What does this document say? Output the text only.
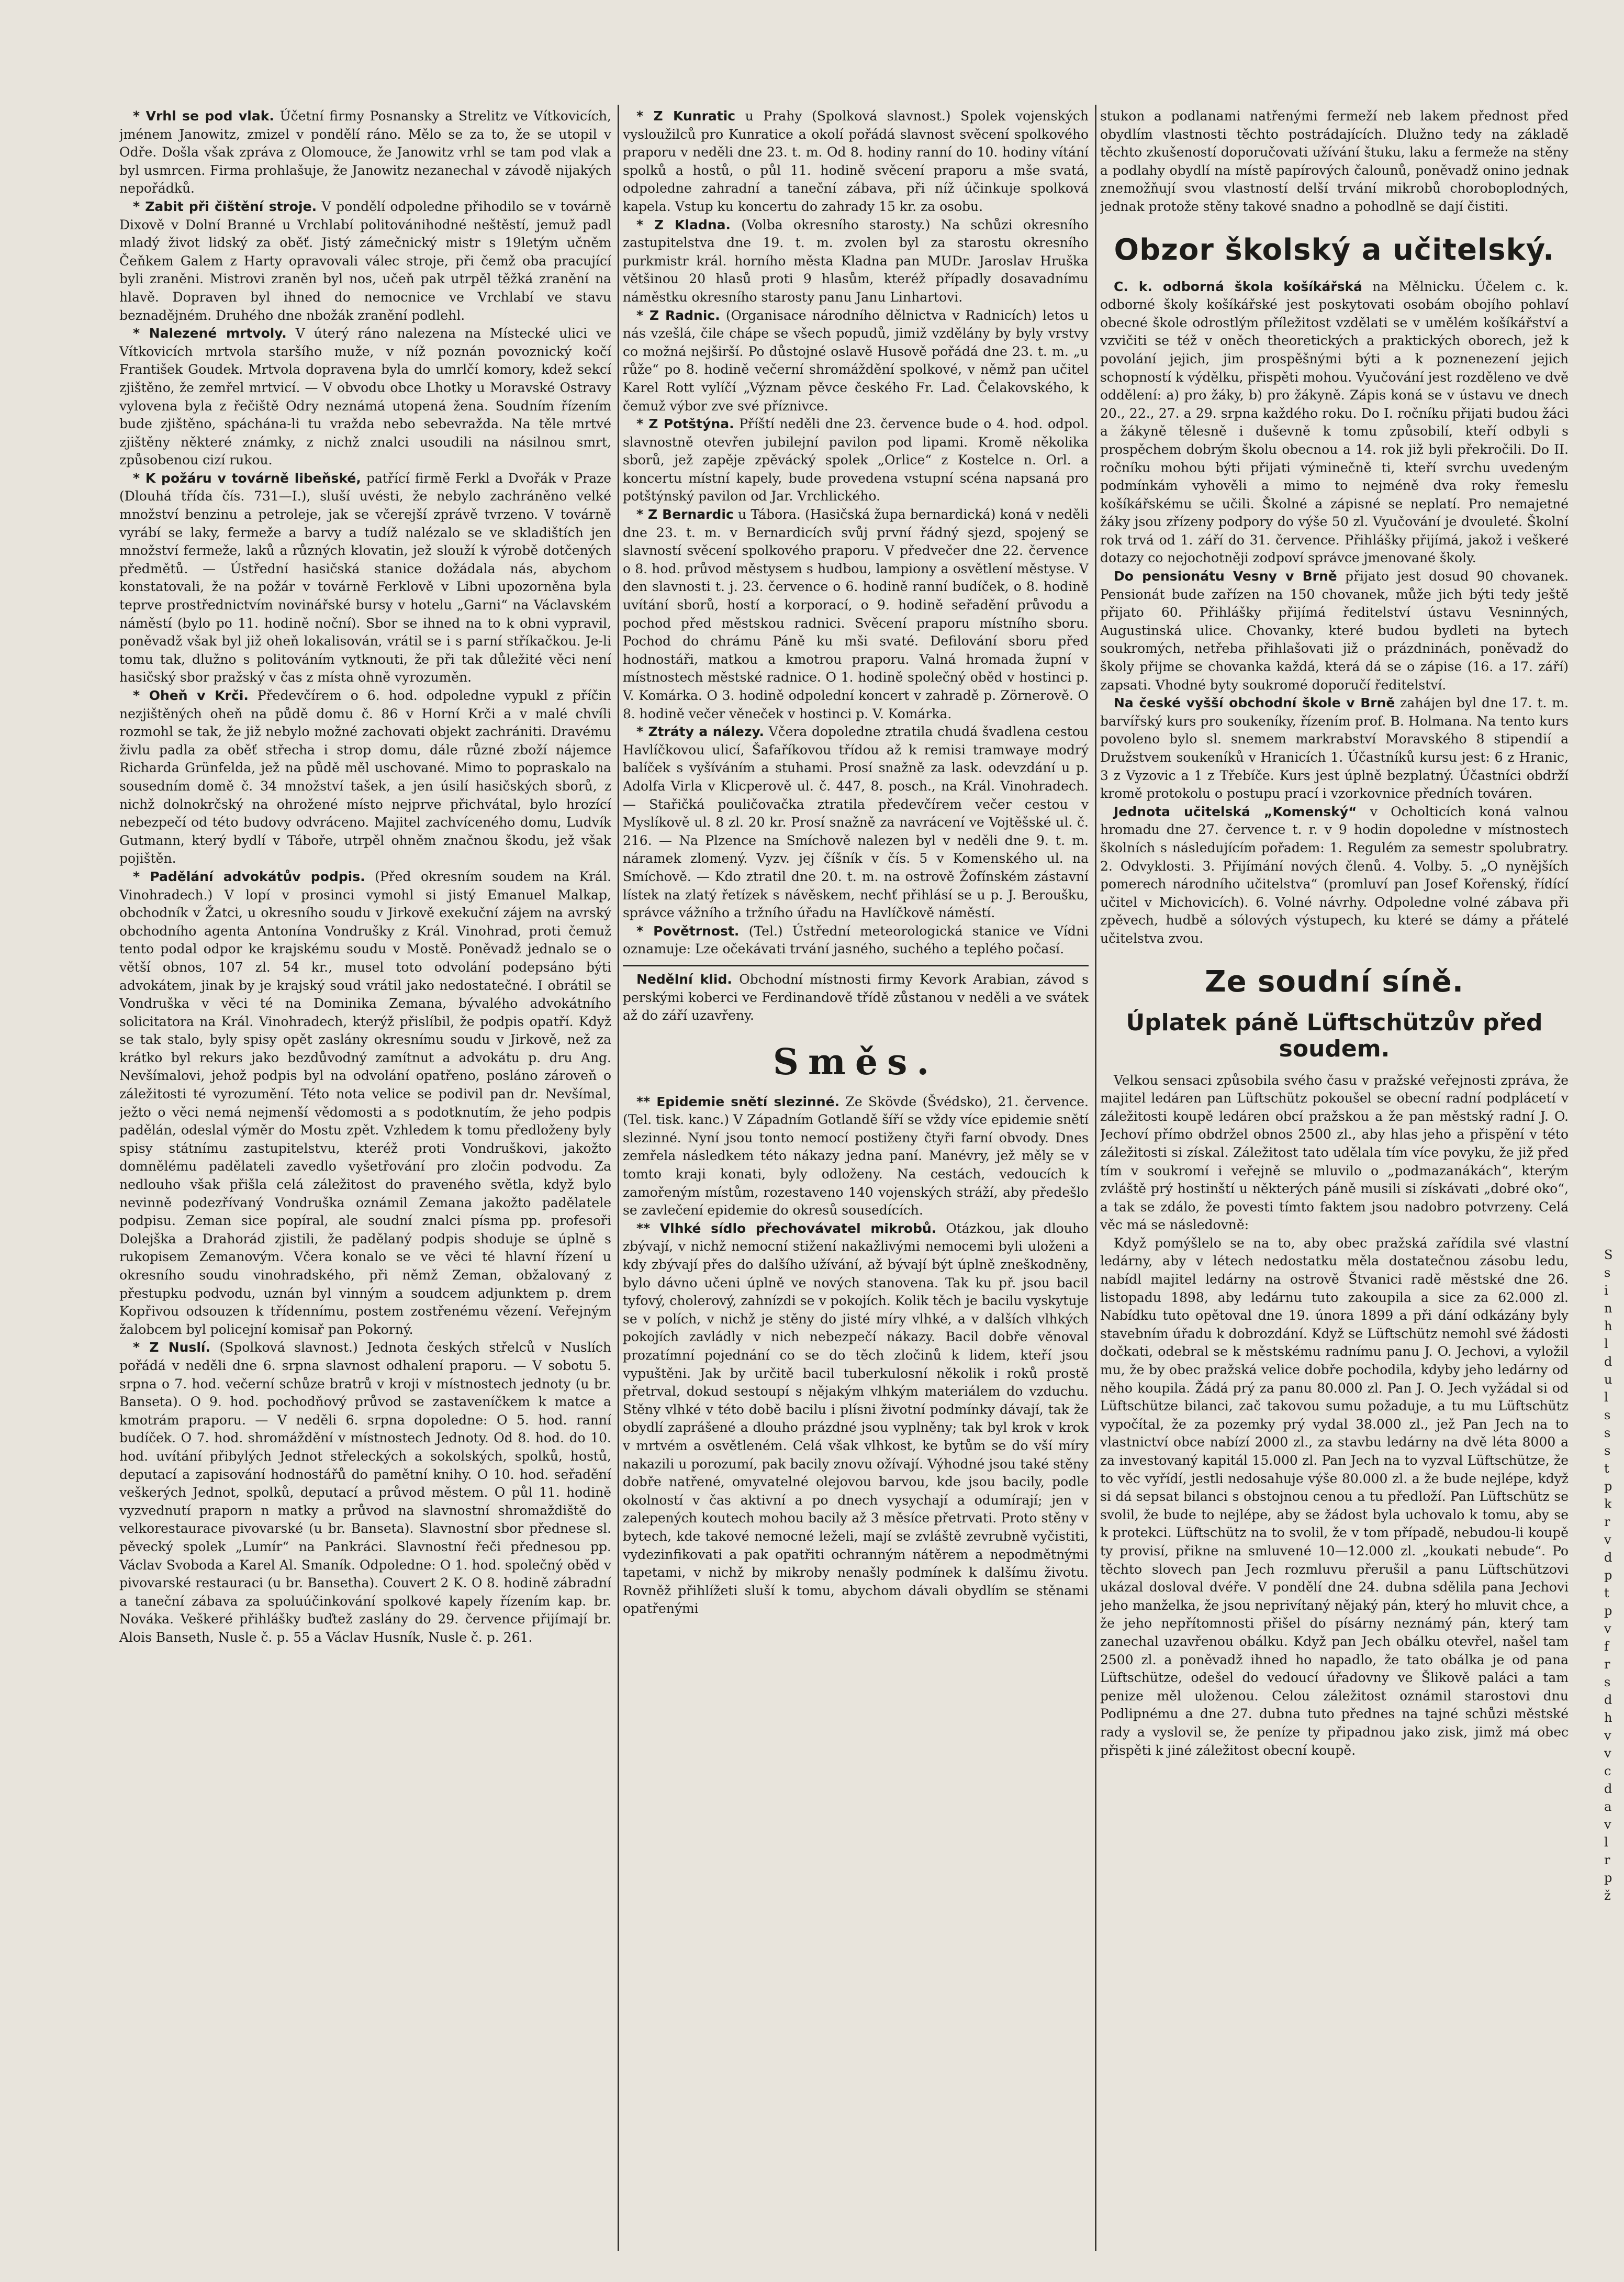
* Vrhl se pod vlak. Účetní firmy Posnansky a Strelitz ve Vítkovicích, jménem Janowitz, zmizel v pondělí ráno. Mělo se za to, že se utopil v Odře. Došla však zpráva z Olomouce, že Janowitz vrhl se tam pod vlak a byl usmrcen. Firma prohlašuje, že Janowitz nezanechal v závodě nijakých nepořádků.

* Zabit při čištění stroje. V pondělí odpoledne přihodilo se v továrně Dixově v Dolní Branné u Vrchlabí politovánihodné neštěstí, jemuž padl mladý život lidský za oběť. Jistý zámečnický mistr s 19letým učněm Čeňkem Galem z Harty opravovali válec stroje, při čemž oba pracující byli zraněni. Mistrovi zraněn byl nos, učeň pak utrpěl těžká zranění na hlavě. Dopraven byl ihned do nemocnice ve Vrchlabí ve stavu beznadějném. Druhého dne nbožák zranění podlehl.

* Nalezené mrtvoly. V úterý ráno nalezena na Místecké ulici ve Vítkovicích mrtvola staršího muže, v níž poznán povoznický kočí František Goudek. Mrtvola dopravena byla do umrlčí komory, kdež sekcí zjištěno, že zemřel mrtvicí. — V obvodu obce Lhotky u Moravské Ostravy vylovena byla z řečiště Odry neznámá utopená žena. Soudním řízením bude zjištěno, spáchána-li tu vražda nebo sebevražda. Na těle mrtvé zjištěny některé známky, z nichž znalci usoudili na násilnou smrt, způsobenou cizí rukou.

* K požáru v továrně libeňské, patřící firmě Ferkl a Dvořák v Praze (Dlouhá třída čís. 731—I.), sluší uvésti, že nebylo zachráněno velké množství benzinu a petroleje, jak se včerejší zprávě tvrzeno. V továrně vyrábí se laky, fermeže a barvy a tudíž nalézalo se ve skladištích jen množství fermeže, laků a různých klovatin, jež slouží k výrobě dotčených předmětů. — Ústřední hasičská stanice dožádala nás, abychom konstatovali, že na požár v továrně Ferklově v Libni upozorněna byla teprve prostřednictvím novinářské bursy v hotelu „Garni“ na Václavském náměstí (bylo po 11. hodině noční). Sbor se ihned na to k obni vypravil, poněvadž však byl již oheň lokalisován, vrátil se i s parní stříkačkou. Je-li tomu tak, dlužno s politováním vytknouti, že při tak důležité věci není hasičský sbor pražský v čas z místa ohně vyrozuměn.

* Oheň v Krči. Předevčírem o 6. hod. odpoledne vypukl z příčin nezjištěných oheň na půdě domu č. 86 v Horní Krči a v malé chvíli rozmohl se tak, že již nebylo možné zachovati objekt zachrániti. Dravému živlu padla za oběť střecha i strop domu, dále různé zboží nájemce Richarda Grünfelda, jež na půdě měl uschované. Mimo to popraskalo na sousedním domě č. 34 množství tašek, a jen úsilí hasičských sborů, z nichž dolnokrčský na ohrožené místo nejprve přichvátal, bylo hrozící nebezpečí od této budovy odvráceno. Majitel zachvíceného domu, Ludvík Gutmann, který bydlí v Táboře, utrpěl ohněm značnou škodu, jež však pojištěn.

* Padělání advokátův podpis. (Před okresním soudem na Král. Vinohradech.) V lopí v prosinci vymohl si jistý Emanuel Malkap, obchodník v Žatci, u okresního soudu v Jirkově exekuční zájem na avrský obchodního agenta Antonína Vondrušky z Král. Vinohrad, proti čemuž tento podal odpor ke krajskému soudu v Mostě. Poněvadž jednalo se o větší obnos, 107 zl. 54 kr., musel toto odvolání podepsáno býti advokátem, jinak by je krajský soud vrátil jako nedostatečné. I obrátil se Vondruška v věci té na Dominika Zemana, bývalého advokátního solicitatora na Král. Vinohradech, kterýž přislíbil, že podpis opatří. Když se tak stalo, byly spisy opět zaslány okresnímu soudu v Jirkově, než za krátko byl rekurs jako bezdůvodný zamítnut a advokátu p. dru Ang. Nevšímalovi, jehož podpis byl na odvolání opatřeno, posláno zároveň o záležitosti té vyrozumění. Této nota velice se podivil pan dr. Nevšímal, ježto o věci nemá nejmenší vědomosti a s podotknutím, že jeho podpis padělán, odeslal výměr do Mostu zpět. Vzhledem k tomu předloženy byly spisy státnímu zastupitelstvu, kteréž proti Vondruškovi, jakožto domnělému padělateli zavedlo vyšetřování pro zločin podvodu. Za nedlouho však přišla celá záležitost do praveného světla, když bylo nevinně podezřívaný Vondruška oznámil Zemana jakožto padělatele podpisu. Zeman sice popíral, ale soudní znalci písma pp. profesoři Dolejška a Drahorád zjistili, že padělaný podpis shoduje se úplně s rukopisem Zemanovým. Včera konalo se ve věci té hlavní řízení u okresního soudu vinohradského, při němž Zeman, obžalovaný z přestupku podvodu, uznán byl vinným a soudcem adjunktem p. drem Kopřivou odsouzen k třídennímu, postem zostřenému vězení. Veřejným žalobcem byl policejní komisař pan Pokorný.

* Z Nuslí. (Spolková slavnost.) Jednota českých střelců v Nuslích pořádá v neděli dne 6. srpna slavnost odhalení praporu. — V sobotu 5. srpna o 7. hod. večerní schůze bratrů v kroji v místnostech jednoty (u br. Banseta). O 9. hod. pochodňový průvod se zastaveníčkem k matce a kmotrám praporu. — V neděli 6. srpna dopoledne: O 5. hod. ranní budíček. O 7. hod. shromáždění v místnostech Jednoty. Od 8. hod. do 10. hod. uvítání přibylých Jednot střeleckých a sokolských, spolků, hostů, deputací a zapisování hodnostářů do pamětní knihy. O 10. hod. seřadění veškerých Jednot, spolků, deputací a průvod městem. O půl 11. hodině vyzvednutí praporn n matky a průvod na slavnostní shromaždiště do velkorestaurace pivovarské (u br. Banseta). Slavnostní sbor přednese sl. pěvecký spolek „Lumír“ na Pankráci. Slavnostní řeči přednesou pp. Václav Svoboda a Karel Al. Smaník. Odpoledne: O 1. hod. společný oběd v pivovarské restauraci (u br. Bansetha). Couvert 2 K. O 8. hodině zábradní a taneční zábava za spoluúčinkování spolkové kapely řízením kap. br. Nováka. Veškeré přihlášky buďtež zaslány do 29. července přijímají br. Alois Banseth, Nusle č. p. 55 a Václav Husník, Nusle č. p. 261.

* Z Kunratic u Prahy (Spolková slavnost.) Spolek vojenských vysloužilců pro Kunratice a okolí pořádá slavnost svěcení spolkového praporu v neděli dne 23. t. m. Od 8. hodiny ranní do 10. hodiny vítání spolků a hostů, o půl 11. hodině svěcení praporu a mše svatá, odpoledne zahradní a taneční zábava, při níž účinkuje spolková kapela. Vstup ku koncertu do zahrady 15 kr. za osobu.

* Z Kladna. (Volba okresního starosty.) Na schůzi okresního zastupitelstva dne 19. t. m. zvolen byl za starostu okresního purkmistr král. horního města Kladna pan MUDr. Jaroslav Hruška většinou 20 hlasů proti 9 hlasům, kteréž případly dosavadnímu náměstku okresního starosty panu Janu Linhartovi.

* Z Radnic. (Organisace národního dělnictva v Radnicích) letos u nás vzešlá, čile chápe se všech popudů, jimiž vzdělány by byly vrstvy co možná nejširší. Po důstojné oslavě Husově pořádá dne 23. t. m. „u růže“ po 8. hodině večerní shromáždění spolkové, v němž pan učitel Karel Rott vylíčí „Význam pěvce českého Fr. Lad. Čelakovského, k čemuž výbor zve své příznivce.

* Z Potštýna. Příští neděli dne 23. července bude o 4. hod. odpol. slavnostně otevřen jubilejní pavilon pod lipami. Kromě několika sborů, jež zapěje zpěvácký spolek „Orlice“ z Kostelce n. Orl. a koncertu místní kapely, bude provedena vstupní scéna napsaná pro potštýnský pavilon od Jar. Vrchlického.

* Z Bernardic u Tábora. (Hasičská župa bernardická) koná v neděli dne 23. t. m. v Bernardicích svůj první řádný sjezd, spojený se slavností svěcení spolkového praporu. V předvečer dne 22. července o 8. hod. průvod městysem s hudbou, lampiony a osvětlení městyse. V den slavnosti t. j. 23. července o 6. hodině ranní budíček, o 8. hodině uvítání sborů, hostí a korporací, o 9. hodině seřadění průvodu a pochod před městskou radnici. Svěcení praporu místního sboru. Pochod do chrámu Páně ku mši svaté. Defilování sboru před hodnostáři, matkou a kmotrou praporu. Valná hromada župní v místnostech městské radnice. O 1. hodině společný oběd v hostinci p. V. Komárka. O 3. hodině odpolední koncert v zahradě p. Zörnerově. O 8. hodině večer věneček v hostinci p. V. Komárka.

* Ztráty a nálezy. Včera dopoledne ztratila chudá švadlena cestou Havlíčkovou ulicí, Šafaříkovou třídou až k remisi tramwaye modrý balíček s vyšíváním a stuhami. Prosí snažně za lask. odevzdání u p. Adolfa Virla v Klicperově ul. č. 447, 8. posch., na Král. Vinohradech. — Stařičká pouličovačka ztratila předevčírem večer cestou v Myslíkově ul. 8 zl. 20 kr. Prosí snažně za navrácení ve Vojtěšské ul. č. 216. — Na Plzence na Smíchově nalezen byl v neděli dne 9. t. m. náramek zlomený. Vyzv. jej číšník v čís. 5 v Komenského ul. na Smíchově. — Kdo ztratil dne 20. t. m. na ostrově Žofínském zástavní lístek na zlatý řetízek s návěskem, nechť přihlásí se u p. J. Beroušku, správce vážního a tržního úřadu na Havlíčkově náměstí.

* Povětrnost. (Tel.) Ústřední meteorologická stanice ve Vídni oznamuje: Lze očekávati trvání jasného, suchého a teplého počasí.

Nedělní klid. Obchodní místnosti firmy Kevork Arabian, závod s perskými koberci ve Ferdinandově třídě zůstanou v neděli a ve svátek až do září uzavřeny.

Směs.

** Epidemie snětí slezinné. Ze Skövde (Švédsko), 21. července. (Tel. tisk. kanc.) V Západním Gotlandě šíří se vždy více epidemie snětí slezinné. Nyní jsou tonto nemocí postiženy čtyři farní obvody. Dnes zemřela následkem této nákazy jedna paní. Manévry, jež měly se v tomto kraji konati, byly odloženy. Na cestách, vedoucích k zamořeným místům, rozestaveno 140 vojenských stráží, aby předešlo se zavlečení epidemie do okresů sousedících.

** Vlhké sídlo přechovávatel mikrobů. Otázkou, jak dlouho zbývají, v nichž nemocní stižení nakažlivými nemocemi byli uloženi a kdy zbývají přes do dalšího užívání, až bývají být úplně zneškodněny, bylo dávno učeni úplně ve nových stanovena. Tak ku př. jsou bacil tyfový, cholerový, zahnízdi se v pokojích. Kolik těch je bacilu vyskytuje se v polích, v nichž je stěny do jisté míry vlhké, a v dalších vlhkých pokojích zavládly v nich nebezpečí nákazy. Bacil dobře věnoval prozatímní pojednání co se do těch zločinů k lidem, kteří jsou vypuštěni. Jak by určitě bacil tuberkulosní několik i roků prostě přetrval, dokud sestoupí s nějakým vlhkým materiálem do vzduchu. Stěny vlhké v této době bacilu i plísni životní podmínky dávají, tak že obydlí zaprášené a dlouho prázdné jsou vyplněny; tak byl krok v krok v mrtvém a osvětleném. Celá však vlhkost, ke bytům se do vší míry nakazili u porozumí, pak bacily znovu ožívají. Výhodné jsou také stěny dobře natřené, omyvatelné olejovou barvou, kde jsou bacily, podle okolností v čas aktivní a po dnech vysychají a odumírají; jen v zalepených koutech mohou bacily až 3 měsíce přetrvati. Proto stěny v bytech, kde takové nemocné leželi, mají se zvláště zevrubně vyčistiti, vydezinfikovati a pak opatřiti ochranným nátěrem a nepodmětnými tapetami, v nichž by mikroby nenašly podmínek k dalšímu životu. Rovněž přihlížeti sluší k tomu, abychom dávali obydlím se stěnami opatřenými

stukon a podlanami natřenými fermeží neb lakem přednost před obydlím vlastnosti těchto postrádajících. Dlužno tedy na základě těchto zkušeností doporučovati užívání štuku, laku a fermeže na stěny a podlahy obydlí na místě papírových čalounů, poněvadž onino jednak znemožňují svou vlastností delší trvání mikrobů choroboplodných, jednak protože stěny takové snadno a pohodlně se dají čistiti.

Obzor školský a učitelský.

C. k. odborná škola košíkářská na Mělnicku. Účelem c. k. odborné školy košíkářské jest poskytovati osobám obojího pohlaví obecné škole odrostlým příležitost vzdělati se v umělém košíkářství a vzvičiti se též v oněch theoretických a praktických oborech, jež k povolání jejich, jim prospěšnými býti a k poznenezení jejich schopností k výdělku, přispěti mohou. Vyučování jest rozděleno ve dvě oddělení: a) pro žáky, b) pro žákyně. Zápis koná se v ústavu ve dnech 20., 22., 27. a 29. srpna každého roku. Do I. ročníku přijati budou žáci a žákyně tělesně i duševně k tomu způsobilí, kteří odbyli s prospěchem dobrým školu obecnou a 14. rok již byli překročili. Do II. ročníku mohou býti přijati výminečně ti, kteří svrchu uvedeným podmínkám vyhověli a mimo to nejméně dva roky řemeslu košíkářskému se učili. Školné a zápisné se neplatí. Pro nemajetné žáky jsou zřízeny podpory do výše 50 zl. Vyučování je dvouleté. Školní rok trvá od 1. září do 31. července. Přihlášky přijímá, jakož i veškeré dotazy co nejochotněji zodpoví správce jmenované školy.

Do pensionátu Vesny v Brně přijato jest dosud 90 chovanek. Pensionát bude zařízen na 150 chovanek, může jich býti tedy ještě přijato 60. Přihlášky přijímá ředitelství ústavu Vesninných, Augustinská ulice. Chovanky, které budou bydleti na bytech soukromých, netřeba přihlašovati již o prázdninách, poněvadž do školy přijme se chovanka každá, která dá se o zápise (16. a 17. září) zapsati. Vhodné byty soukromé doporučí ředitelství.

Na české vyšší obchodní škole v Brně zahájen byl dne 17. t. m. barvířský kurs pro soukeníky, řízením prof. B. Holmana. Na tento kurs povoleno bylo sl. snemem markrabství Moravského 8 stipendií a Družstvem soukeníků v Hranicích 1. Účastníků kursu jest: 6 z Hranic, 3 z Vyzovic a 1 z Třebíče. Kurs jest úplně bezplatný. Účastníci obdrží kromě protokolu o postupu prací i vzorkovnice předních továren.

Jednota učitelská „Komenský“ v Ocholticích koná valnou hromadu dne 27. července t. r. v 9 hodin dopoledne v místnostech školních s následujícím pořadem: 1. Regulém za semestr spolubratry. 2. Odvyklosti. 3. Přijímání nových členů. 4. Volby. 5. „O nynějších pomerech národního učitelstva“ (promluví pan Josef Kořenský, řídící učitel v Michovicích). 6. Volné návrhy. Odpoledne volné zábava při zpěvech, hudbě a sólových výstupech, ku které se dámy a přátelé učitelstva zvou.

Ze soudní síně.
Úplatek páně Lüftschützův před soudem.

Velkou sensaci způsobila svého času v pražské veřejnosti zpráva, že majitel ledáren pan Lüftschütz pokoušel se obecní radní podplácetí v záležitosti koupě ledáren obcí pražskou a že pan městský radní J. O. Jechoví přímo obdržel obnos 2500 zl., aby hlas jeho a přispění v této záležitosti si získal. Záležitost tato udělala tím více povyku, že již před tím v soukromí i veřejně se mluvilo o „podmazanákách“, kterým zvláště prý hostinští u některých páně musili si získávati „dobré oko“, a tak se zdálo, že povesti tímto faktem jsou nadobro potvrzeny. Celá věc má se následovně:

Když pomýšlelo se na to, aby obec pražská zařídila své vlastní ledárny, aby v létech nedostatku měla dostatečnou zásobu ledu, nabídl majitel ledárny na ostrově Štvanici radě městské dne 26. listopadu 1898, aby ledárnu tuto zakoupila a sice za 62.000 zl. Nabídku tuto opětoval dne 19. února 1899 a při dání odkázány byly stavebním úřadu k dobrozdání. Když se Lüftschütz nemohl své žádosti dočkati, odebral se k městskému radnímu panu J. O. Jechovi, a vyložil mu, že by obec pražská velice dobře pochodila, kdyby jeho ledárny od něho koupila. Žádá prý za panu 80.000 zl. Pan J. O. Jech vyžádal si od Lüftschütze bilanci, zač takovou sumu požaduje, a tu mu Lüftschütz vypočítal, že za pozemky prý vydal 38.000 zl., jež Pan Jech na to vlastnictví obce nabízí 2000 zl., za stavbu ledárny na dvě léta 8000 a za investovaný kapitál 15.000 zl. Pan Jech na to vyzval Lüftschütze, že to věc vyřídí, jestli nedosahuje výše 80.000 zl. a že bude nejlépe, když si dá sepsat bilanci s obstojnou cenou a tu předloží. Pan Lüftschütz se svolil, že bude to nejlépe, aby se žádost byla uchovalo k tomu, aby se k protekci. Lüftschütz na to svolil, že v tom případě, nebudou-li koupě ty provisí, přikne na smluvené 10—12.000 zl. „koukati nebude“. Po těchto slovech pan Jech rozmluvu přerušil a panu Lüftschützovi ukázal dosloval dvéře. V pondělí dne 24. dubna sdělila pana Jechovi jeho manželka, že jsou neprivítaný nějaký pán, který ho mluvit chce, a že jeho nepřítomnosti přišel do písárny neznámý pán, který tam zanechal uzavřenou obálku. Když pan Jech obálku otevřel, našel tam 2500 zl. a poněvadž ihned ho napadlo, že tato obálka je od pana Lüftschütze, odešel do vedoucí úřadovny ve Šlikově paláci a tam penize měl uloženou. Celou záležitost oznámil starostovi dnu Podlipnému a dne 27. dubna tuto přednes na tajné schůzi městské rady a vyslovil se, že peníze ty připadnou jako zisk, jimž má obec přispěti k jiné záležitost obecní koupě.

S
s
i
n
h
l
d
u
l
s
s
s
t
p
k
r
v
d
p
t
p
v
f
r
s
d
h
v
v
c
d
a
v
l
r
p
ž
